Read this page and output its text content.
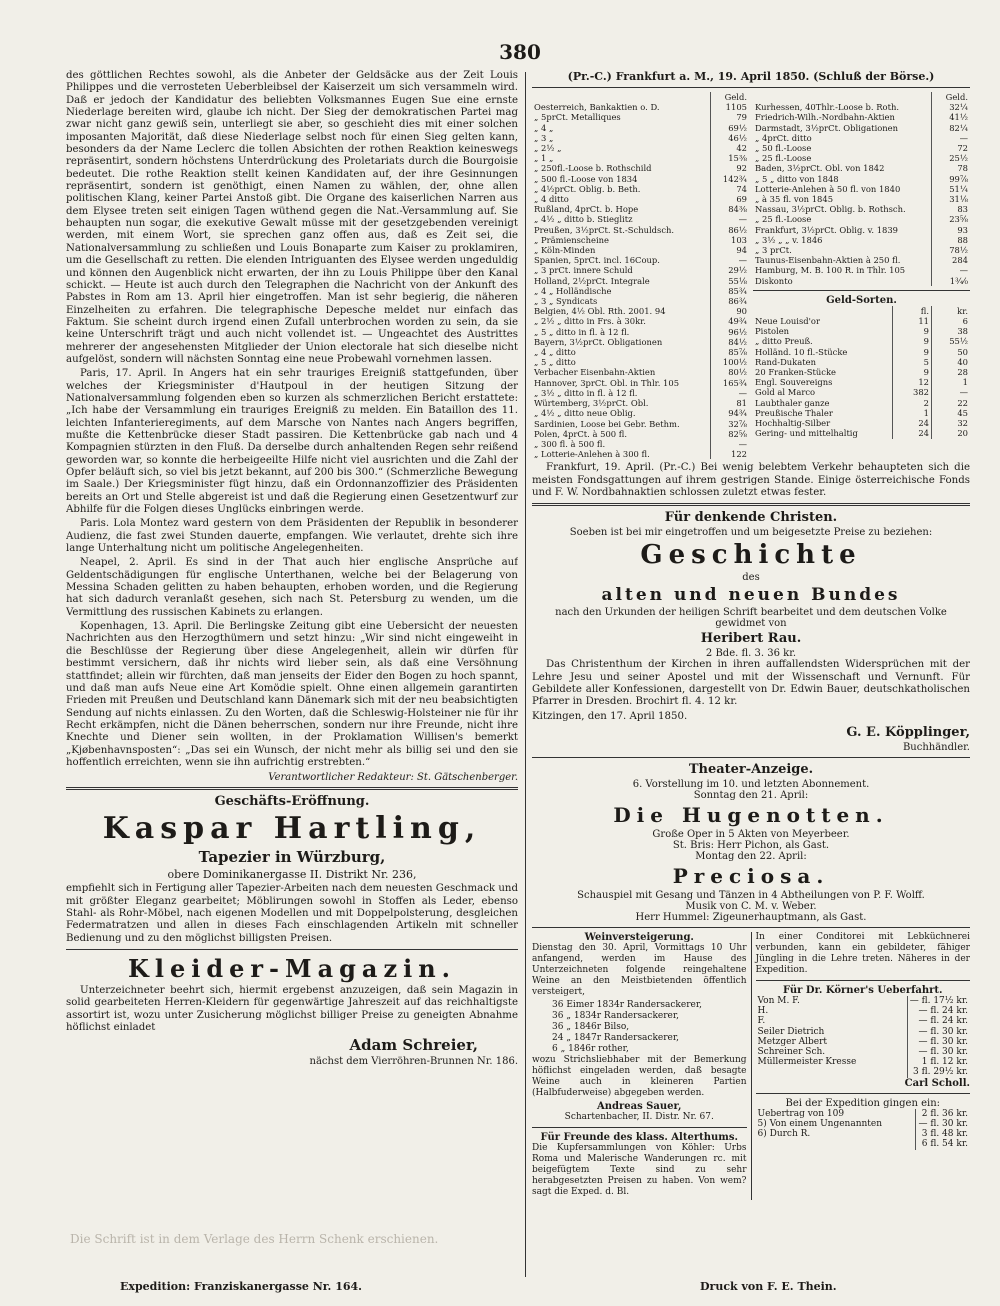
380

des göttlichen Rechtes sowohl, als die Anbeter der Geldsäcke aus der Zeit Louis Philippes und die verrosteten Ueberbleibsel der Kaiserzeit um sich versammeln wird. Daß er jedoch der Kandidatur des beliebten Volksmannes Eugen Sue eine ernste Niederlage bereiten wird, glaube ich nicht. Der Sieg der demokratischen Partei mag zwar nicht ganz gewiß sein, unterliegt sie aber, so geschieht dies mit einer solchen imposanten Majorität, daß diese Niederlage selbst noch für einen Sieg gelten kann, besonders da der Name Leclerc die tollen Absichten der rothen Reaktion keineswegs repräsentirt, sondern höchstens Unterdrückung des Proletariats durch die Bourgoisie bedeutet. Die rothe Reaktion stellt keinen Kandidaten auf, der ihre Gesinnungen repräsentirt, sondern ist genöthigt, einen Namen zu wählen, der, ohne allen politischen Klang, keiner Partei Anstoß gibt. Die Organe des kaiserlichen Narren aus dem Elysee treten seit einigen Tagen wüthend gegen die Nat.-Versammlung auf. Sie behaupten nun sogar, die exekutive Gewalt müsse mit der gesetzgebenden vereinigt werden, mit einem Wort, sie sprechen ganz offen aus, daß es Zeit sei, die Nationalversammlung zu schließen und Louis Bonaparte zum Kaiser zu proklamiren, um die Gesellschaft zu retten. Die elenden Intriguanten des Elysee werden ungeduldig und können den Augenblick nicht erwarten, der ihn zu Louis Philippe über den Kanal schickt. — Heute ist auch durch den Telegraphen die Nachricht von der Ankunft des Pabstes in Rom am 13. April hier eingetroffen. Man ist sehr begierig, die näheren Einzelheiten zu erfahren. Die telegraphische Depesche meldet nur einfach das Faktum. Sie scheint durch irgend einen Zufall unterbrochen worden zu sein, da sie keine Unterschrift trägt und auch nicht vollendet ist. — Ungeachtet des Austrittes mehrerer der angesehensten Mitglieder der Union electorale hat sich dieselbe nicht aufgelöst, sondern will nächsten Sonntag eine neue Probewahl vornehmen lassen.

Paris, 17. April. In Angers hat ein sehr trauriges Ereigniß stattgefunden, über welches der Kriegsminister d'Hautpoul in der heutigen Sitzung der Nationalversammlung folgenden eben so kurzen als schmerzlichen Bericht erstattete: „Ich habe der Versammlung ein trauriges Ereigniß zu melden. Ein Bataillon des 11. leichten Infanterieregiments, auf dem Marsche von Nantes nach Angers begriffen, mußte die Kettenbrücke dieser Stadt passiren. Die Kettenbrücke gab nach und 4 Kompagnien stürzten in den Fluß. Da derselbe durch anhaltenden Regen sehr reißend geworden war, so konnte die herbeigeeilte Hilfe nicht viel ausrichten und die Zahl der Opfer beläuft sich, so viel bis jetzt bekannt, auf 200 bis 300.“ (Schmerzliche Bewegung im Saale.) Der Kriegsminister fügt hinzu, daß ein Ordonnanzoffizier des Präsidenten bereits an Ort und Stelle abgereist ist und daß die Regierung einen Gesetzentwurf zur Abhilfe für die Folgen dieses Unglücks einbringen werde.

Paris. Lola Montez ward gestern von dem Präsidenten der Republik in besonderer Audienz, die fast zwei Stunden dauerte, empfangen. Wie verlautet, drehte sich ihre lange Unterhaltung nicht um politische Angelegenheiten.

Neapel, 2. April. Es sind in der That auch hier englische Ansprüche auf Geldentschädigungen für englische Unterthanen, welche bei der Belagerung von Messina Schaden gelitten zu haben behaupten, erhoben worden, und die Regierung hat sich dadurch veranlaßt gesehen, sich nach St. Petersburg zu wenden, um die Vermittlung des russischen Kabinets zu erlangen.

Kopenhagen, 13. April. Die Berlingske Zeitung gibt eine Uebersicht der neuesten Nachrichten aus den Herzogthümern und setzt hinzu: „Wir sind nicht eingeweiht in die Beschlüsse der Regierung über diese Angelegenheit, allein wir dürfen für bestimmt versichern, daß ihr nichts wird lieber sein, als daß eine Versöhnung stattfindet; allein wir fürchten, daß man jenseits der Eider den Bogen zu hoch spannt, und daß man aufs Neue eine Art Komödie spielt. Ohne einen allgemein garantirten Frieden mit Preußen und Deutschland kann Dänemark sich mit der neu beabsichtigten Sendung auf nichts einlassen. Zu den Worten, daß die Schleswig-Holsteiner nie für ihr Recht erkämpfen, nicht die Dänen beherrschen, sondern nur ihre Freunde, nicht ihre Knechte und Diener sein wollten, in der Proklamation Willisen's bemerkt „Kjøbenhavnsposten“: „Das sei ein Wunsch, der nicht mehr als billig sei und den sie hoffentlich erreichten, wenn sie ihn aufrichtig erstrebten.“

Verantwortlicher Redakteur: St. Gätschenberger.
Geschäfts-Eröffnung.
Kaspar Hartling,
Tapezier in Würzburg,
obere Dominikanergasse II. Distrikt Nr. 236,

empfiehlt sich in Fertigung aller Tapezier-Arbeiten nach dem neuesten Geschmack und mit größter Eleganz gearbeitet; Möblirungen sowohl in Stoffen als Leder, ebenso Stahl- als Rohr-Möbel, nach eigenen Modellen und mit Doppelpolsterung, desgleichen Federmatratzen und allen in dieses Fach einschlagenden Artikeln mit schneller Bedienung und zu den möglichst billigsten Preisen.

Kleider-Magazin.

Unterzeichneter beehrt sich, hiermit ergebenst anzuzeigen, daß sein Magazin in solid gearbeiteten Herren-Kleidern für gegenwärtige Jahreszeit auf das reichhaltigste assortirt ist, wozu unter Zusicherung möglichst billiger Preise zu geneigten Abnahme höflichst einladet

Adam Schreier,
nächst dem Vierröhren-Brunnen Nr. 186.
Die Schrift ist in dem Verlage des Herrn Schenk erschienen.
(Pr.-C.) Frankfurt a. M., 19. April 1850. (Schluß der Börse.)
	Geld.
Oesterreich, Bankaktien o. D.	1105
„ 5prCt. Metalliques	79
„ 4 „	69½
„ 3 „	46½
„ 2½ „	42
„ 1 „	15⅜
„ 250fl.-Loose b. Rothschild	92
„ 500 fl.-Loose von 1834	142¾
„ 4½prCt. Oblig. b. Beth.	74
„ 4 ditto	69
Rußland, 4prCt. b. Hope	84⅜
„ 4½ „ ditto b. Stieglitz	—
Preußen, 3½prCt. St.-Schuldsch.	86½
„ Prämienscheine	103
„ Köln-Minden	94
Spanien, 5prCt. incl. 16Coup.	—
„ 3 prCt. innere Schuld	29½
Holland, 2½prCt. Integrale	55⅛
„ 4 „ Holländische	85¾
„ 3 „ Syndicats	86¾
Belgien, 4½ Obl. Rth. 2001. 94	90
„ 2½ „ ditto in Frs. à 30kr.	49¾
„ 5 „ ditto in fl. à 12 fl.	96½
Bayern, 3½prCt. Obligationen	84½
„ 4 „ ditto	85⅞
„ 5 „ ditto	100½
Verbacher Eisenbahn-Aktien	80½
Hannover, 3prCt. Obl. in Thlr. 105	165¾
„ 3½ „ ditto in fl. à 12 fl.	—
Würtemberg, 3½prCt. Obl.	81
„ 4½ „ ditto neue Oblig.	94¾
Sardinien, Loose bei Gebr. Bethm.	32⅞
Polen, 4prCt. à 500 fl.	82⅝
„ 300 fl. à 500 fl.	—
„ Lotterie-Anlehen à 300 fl.	122
	Geld.
Kurhessen, 40Thlr.-Loose b. Roth.	32¼
Friedrich-Wilh.-Nordbahn-Aktien	41½
Darmstadt, 3½prCt. Obligationen	82¼
„ 4prCt. ditto	—
„ 50 fl.-Loose	72
„ 25 fl.-Loose	25½
Baden, 3½prCt. Obl. von 1842	78
„ 5 „ ditto von 1848	99⅞
Lotterie-Anlehen à 50 fl. von 1840	51¼
„ à 35 fl. von 1845	31⅛
Nassau, 3½prCt. Oblig. b. Rothsch.	83
„ 25 fl.-Loose	23⅝
Frankfurt, 3½prCt. Oblig. v. 1839	93
„ 3½ „ „ v. 1846	88
„ 3 prCt.	78½
Taunus-Eisenbahn-Aktien à 250 fl.	284
Hamburg, M. B. 100 R. in Thlr. 105	—
Diskonto	1¾⁄₀
Geld-Sorten.
	fl.	kr.
Neue Louisd'or	11	6
Pistolen	9	38
„ ditto Preuß.	9	55½
Holländ. 10 fl.-Stücke	9	50
Rand-Dukaten	5	40
20 Franken-Stücke	9	28
Engl. Souvereigns	12	1
Gold al Marco	382	—
Laubthaler ganze	2	22
Preußische Thaler	1	45
Hochhaltig-Silber	24	32
Gering- und mittelhaltig	24	20

Frankfurt, 19. April. (Pr.-C.) Bei wenig belebtem Verkehr behaupteten sich die meisten Fondsgattungen auf ihrem gestrigen Stande. Einige österreichische Fonds und F. W. Nordbahnaktien schlossen zuletzt etwas fester.

Für denkende Christen.
Soeben ist bei mir eingetroffen und um beigesetzte Preise zu beziehen:
Geschichte
des
alten und neuen Bundes
nach den Urkunden der heiligen Schrift bearbeitet und dem deutschen Volke
gewidmet von
Heribert Rau.
2 Bde. fl. 3. 36 kr.

Das Christenthum der Kirchen in ihren auffallendsten Widersprüchen mit der Lehre Jesu und seiner Apostel und mit der Wissenschaft und Vernunft. Für Gebildete aller Konfessionen, dargestellt von Dr. Edwin Bauer, deutschkatholischen Pfarrer in Dresden. Brochirt fl. 4. 12 kr.

Kitzingen, den 17. April 1850.

G. E. Köpplinger,
Buchhändler.
Theater-Anzeige.
6. Vorstellung im 10. und letzten Abonnement.
Sonntag den 21. April:
Die Hugenotten.
Große Oper in 5 Akten von Meyerbeer.
St. Bris: Herr Pichon, als Gast.
Montag den 22. April:
Preciosa.
Schauspiel mit Gesang und Tänzen in 4 Abtheilungen von P. F. Wolff.
Musik von C. M. v. Weber.
Herr Hummel: Zigeunerhauptmann, als Gast.
Weinversteigerung.

Dienstag den 30. April, Vormittags 10 Uhr anfangend, werden im Hause des Unterzeichneten folgende reingehaltene Weine an den Meistbietenden öffentlich versteigert,

36 Eimer 1834r Randersackerer,
36 „ 1834r Randersackerer,
36 „ 1846r Bilso,
24 „ 1847r Randersackerer,
6 „ 1846r rother,

wozu Strichsliebhaber mit der Bemerkung höflichst eingeladen werden, daß besagte Weine auch in kleineren Partien (Halbfuderweise) abgegeben werden.

Andreas Sauer,
Schartenbacher, II. Distr. Nr. 67.
Für Freunde des klass. Alterthums.

Die Kupfersammlungen von Köhler: Urbs Roma und Malerische Wanderungen rc. mit beigefügtem Texte sind zu sehr herabgesetzten Preisen zu haben. Von wem? sagt die Exped. d. Bl.

In einer Conditorei mit Lebküchnerei verbunden, kann ein gebildeter, fähiger Jüngling in die Lehre treten. Näheres in der Expedition.

Für Dr. Körner's Ueberfahrt.
Von M. F.	— fl. 17½ kr.
H.	— fl. 24 kr.
F.	— fl. 24 kr.
Seiler Dietrich	— fl. 30 kr.
Metzger Albert	— fl. 30 kr.
Schreiner Sch.	— fl. 30 kr.
Müllermeister Kresse	1 fl. 12 kr.
	3 fl. 29½ kr.
Carl Scholl.
Bei der Expedition gingen ein:
Uebertrag von 109	2 fl. 36 kr.
5) Von einem Ungenannten	— fl. 30 kr.
6) Durch R.	3 fl. 48 kr.
	6 fl. 54 kr.
Expedition: Franziskanergasse Nr. 164.	Druck von F. E. Thein.
